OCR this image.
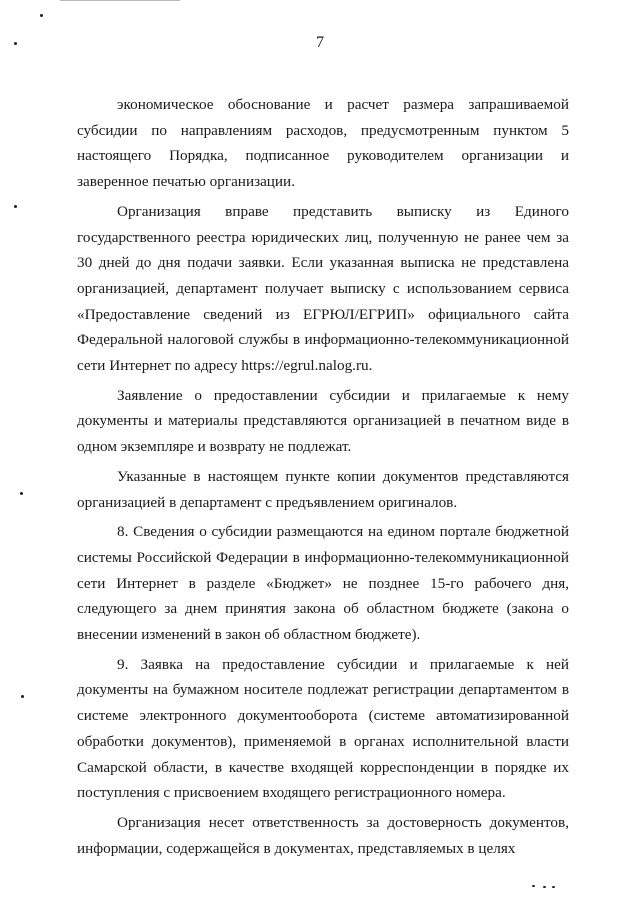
7

экономическое обоснование и расчет размера запрашиваемой субсидии по направлениям расходов, предусмотренным пунктом 5 настоящего Порядка, подписанное руководителем организации и заверенное печатью организации.

Организация вправе представить выписку из Единого государственного реестра юридических лиц, полученную не ранее чем за 30 дней до дня подачи заявки. Если указанная выписка не представлена организацией, департамент получает выписку с использованием сервиса «Предоставление сведений из ЕГРЮЛ/ЕГРИП» официального сайта Федеральной налоговой службы в информационно-телекоммуникационной сети Интернет по адресу https://egrul.nalog.ru.

Заявление о предоставлении субсидии и прилагаемые к нему документы и материалы представляются организацией в печатном виде в одном экземпляре и возврату не подлежат.

Указанные в настоящем пункте копии документов представляются организацией в департамент с предъявлением оригиналов.

8. Сведения о субсидии размещаются на едином портале бюджетной системы Российской Федерации в информационно-телекоммуникационной сети Интернет в разделе «Бюджет» не позднее 15-го рабочего дня, следующего за днем принятия закона об областном бюджете (закона о внесении изменений в закон об областном бюджете).

9. Заявка на предоставление субсидии и прилагаемые к ней документы на бумажном носителе подлежат регистрации департаментом в системе электронного документооборота (системе автоматизированной обработки документов), применяемой в органах исполнительной власти Самарской области, в качестве входящей корреспонденции в порядке их поступления с присвоением входящего регистрационного номера.

Организация несет ответственность за достоверность документов, информации, содержащейся в документах, представляемых в целях
